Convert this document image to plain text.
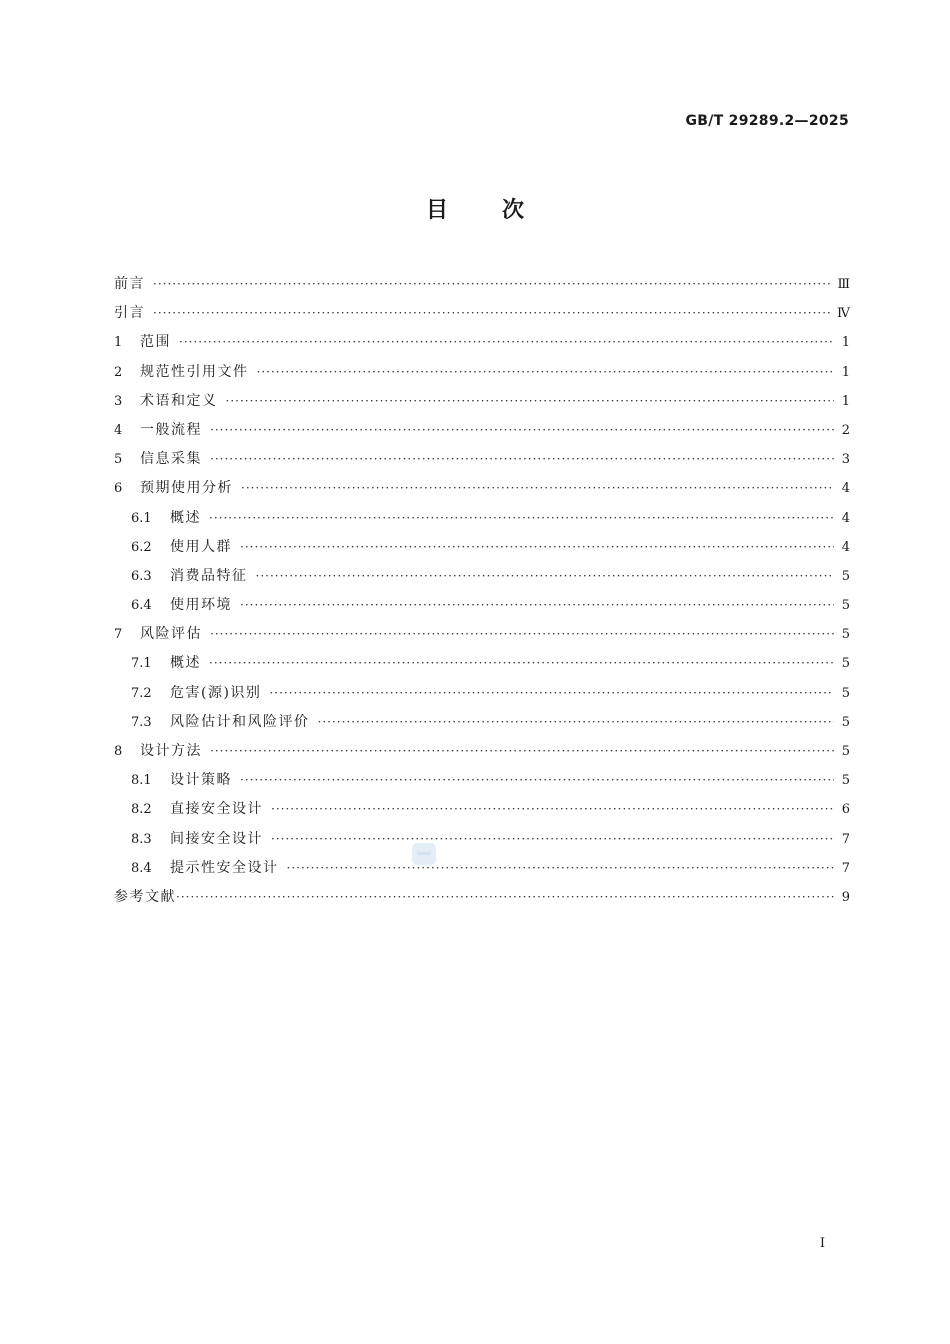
GB/T 29289.2—2025
目次
前言 ·····	Ⅲ
引言 ·····	Ⅳ
1	范围 ·····	1
2	规范性引用文件 ·····	1
3	术语和定义 ·····	1
4	一般流程 ·····	2
5	信息采集 ·····	3
6	预期使用分析 ·····	4
6.1	概述 ·····	4
6.2	使用人群 ·····	4
6.3	消费品特征 ·····	5
6.4	使用环境 ·····	5
7	风险评估 ·····	5
7.1	概述 ·····	5
7.2	危害(源)识别 ·····	5
7.3	风险估计和风险评价 ·····	5
8	设计方法 ·····	5
8.1	设计策略 ·····	5
8.2	直接安全设计 ·····	6
8.3	间接安全设计 ·····	7
8.4	提示性安全设计 ·····	7
参考文献 ·····	9
I
